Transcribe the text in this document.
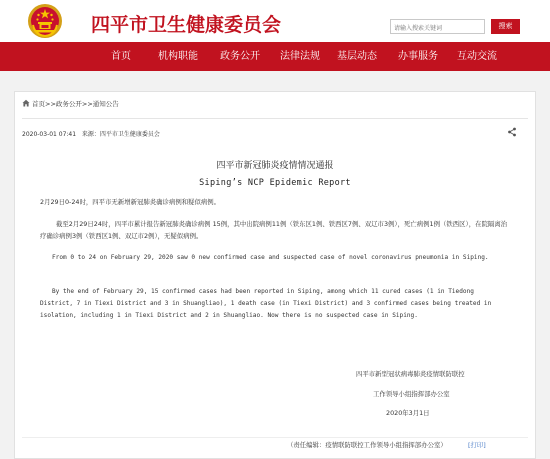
四平市卫生健康委员会
请输入搜索关键词	搜索
首页	机构职能 政务公开 法律法规 基层动态 办事服务 互动交流
首页>>政务公开>>通知公告
2020-03-01 07:41 来源：四平市卫生健康委员会
四平市新冠肺炎疫情情况通报
Siping’s NCP Epidemic Report
2月29日0-24时，四平市无新增新冠肺炎确诊病例和疑似病例。
截至2月29日24时，四平市累计报告新冠肺炎确诊病例 15例，其中出院病例11例（铁东区1例、铁西区7例、双辽市3例），死亡病例1例（铁西区），在院隔离治疗确诊病例3例（铁西区1例、双辽市2例），无疑似病例。
From 0 to 24 on February 29, 2020 saw 0 new confirmed case and suspected case of novel coronavirus pneumonia in Siping.
By the end of February 29, 15 confirmed cases had been reported in Siping, among which 11 cured cases (1 in Tiedong District, 7 in Tiexi District and 3 in Shuangliao), 1 death case (in Tiexi District) and 3 confirmed cases being treated in isolation, including 1 in Tiexi District and 2 in Shuangliao. Now there is no suspected case in Siping.
四平市新型冠状病毒肺炎疫情联防联控
工作领导小组指挥部办公室
2020年3月1日
（责任编辑：疫情联防联控工作领导小组指挥部办公室）	[打印]
